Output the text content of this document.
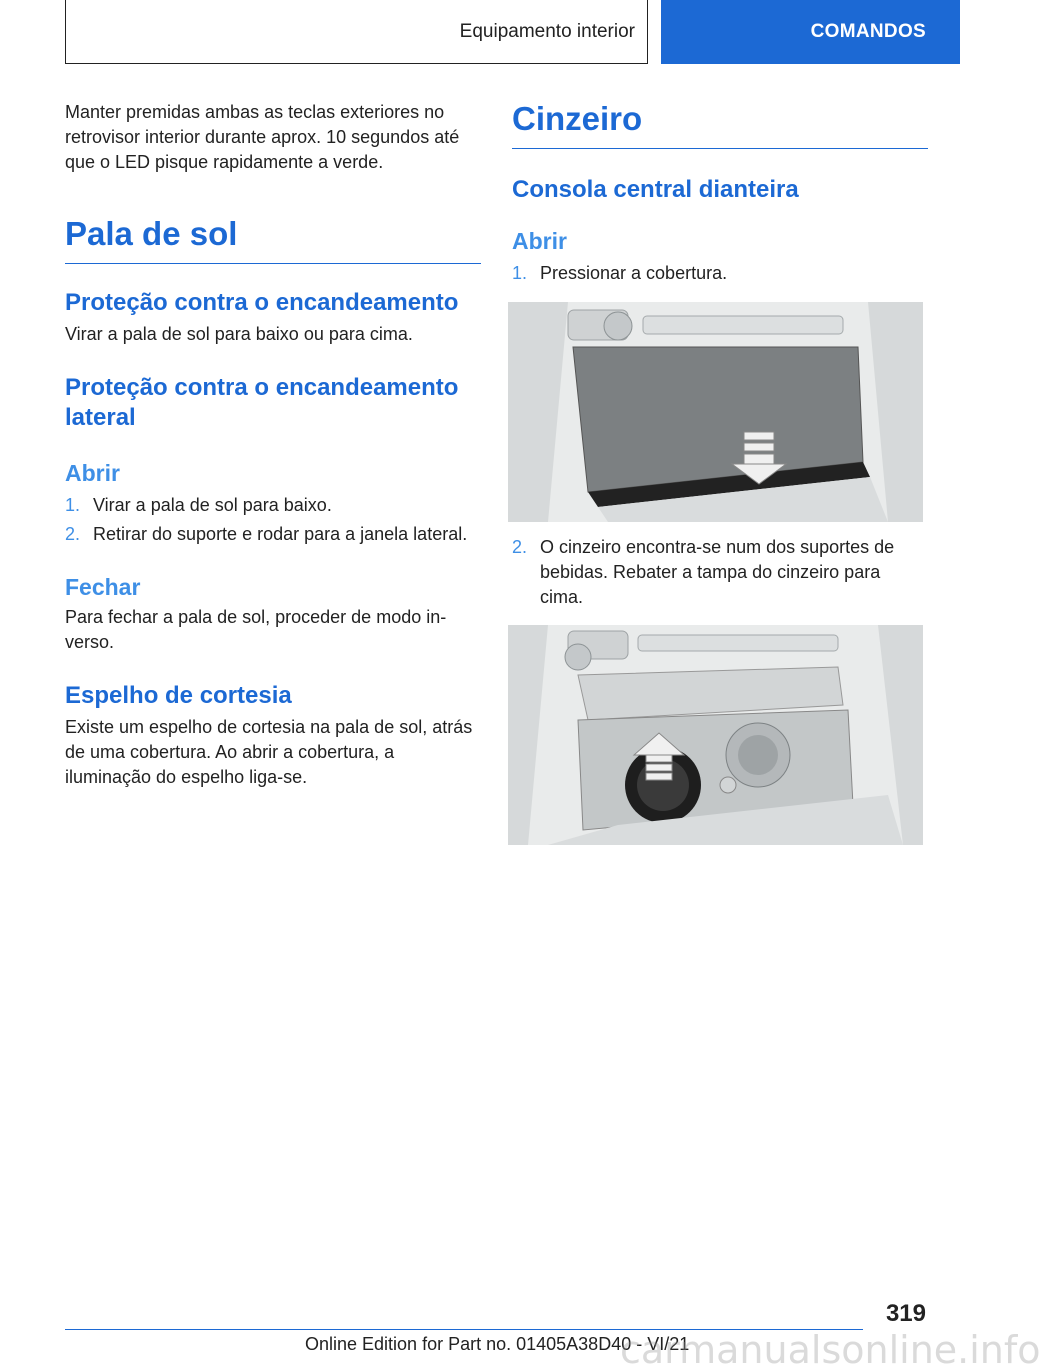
Equipamento interior	COMANDOS

Manter premidas ambas as teclas exteriores no retrovisor interior durante aprox. 10 segundos até que o LED pisque rapidamente a verde.

Pala de sol
Proteção contra o encandeamento

Virar a pala de sol para baixo ou para cima.

Proteção contra o encandeamento lateral
Abrir
1. Virar a pala de sol para baixo.
2. Retirar do suporte e rodar para a janela lateral.
Fechar

Para fechar a pala de sol, proceder de modo in-verso.

Espelho de cortesia

Existe um espelho de cortesia na pala de sol, atrás de uma cobertura. Ao abrir a cobertura, a iluminação do espelho liga-se.

Cinzeiro
Consola central dianteira
Abrir
1. Pressionar a cobertura.
2. O cinzeiro encontra-se num dos suportes de bebidas. Rebater a tampa do cinzeiro para cima.
319
Online Edition for Part no. 01405A38D40 - VI/21
carmanualsonline.info
